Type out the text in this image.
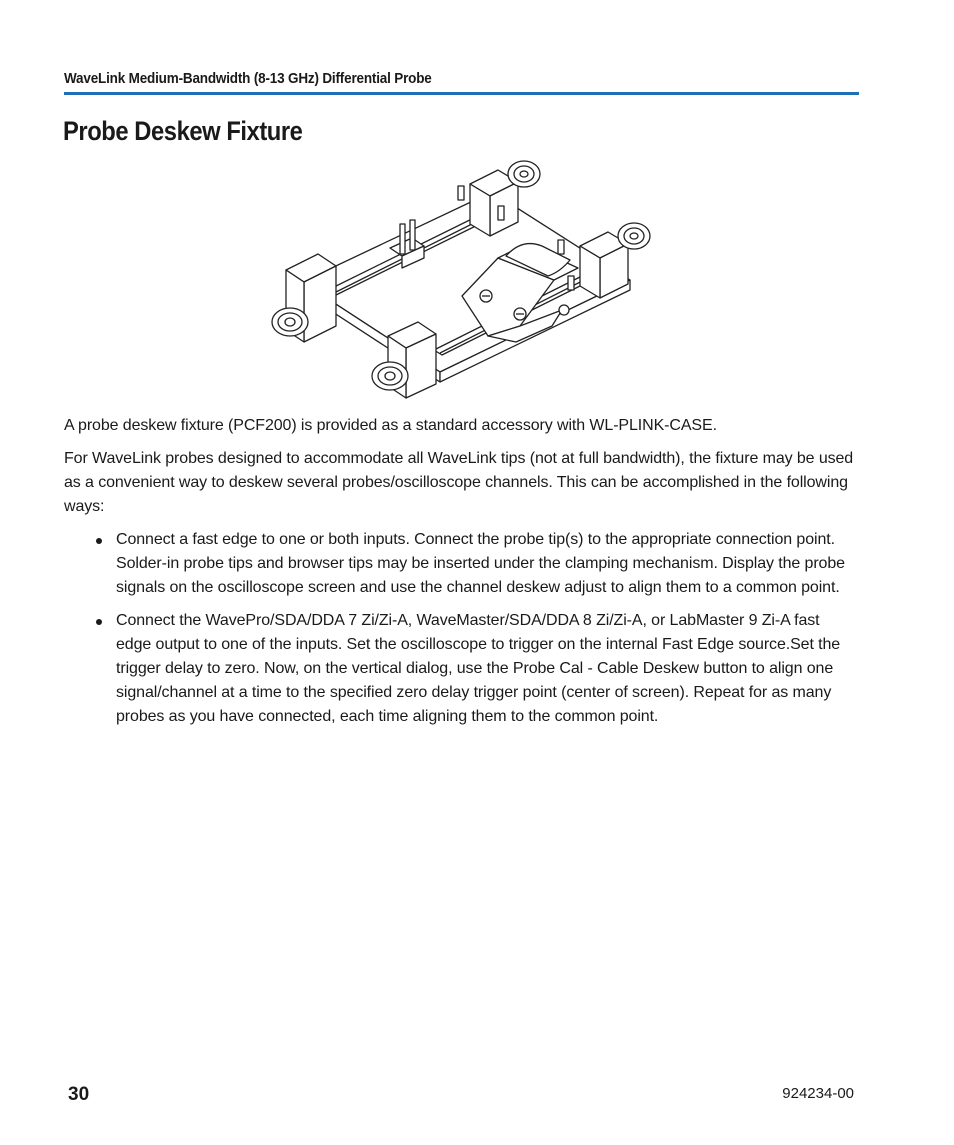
WaveLink Medium-Bandwidth (8-13 GHz) Differential Probe
Probe Deskew Fixture

A probe deskew fixture (PCF200) is provided as a standard accessory with WL-PLINK-CASE.

For WaveLink probes designed to accommodate all WaveLink tips (not at full bandwidth), the fixture may be used as a convenient way to deskew several probes/oscilloscope channels. This can be accomplished in the following ways:

Connect a fast edge to one or both inputs. Connect the probe tip(s) to the appropriate connection point. Solder-in probe tips and browser tips may be inserted under the clamping mechanism. Display the probe signals on the oscilloscope screen and use the channel deskew adjust to align them to a common point.
Connect the WavePro/SDA/DDA 7 Zi/Zi-A, WaveMaster/SDA/DDA 8 Zi/Zi-A, or LabMaster 9 Zi-A fast edge output to one of the inputs. Set the oscilloscope to trigger on the internal Fast Edge source.Set the trigger delay to zero. Now, on the vertical dialog, use the Probe Cal - Cable Deskew button to align one signal/channel at a time to the specified zero delay trigger point (center of screen). Repeat for as many probes as you have connected, each time aligning them to the common point.
30	924234-00
